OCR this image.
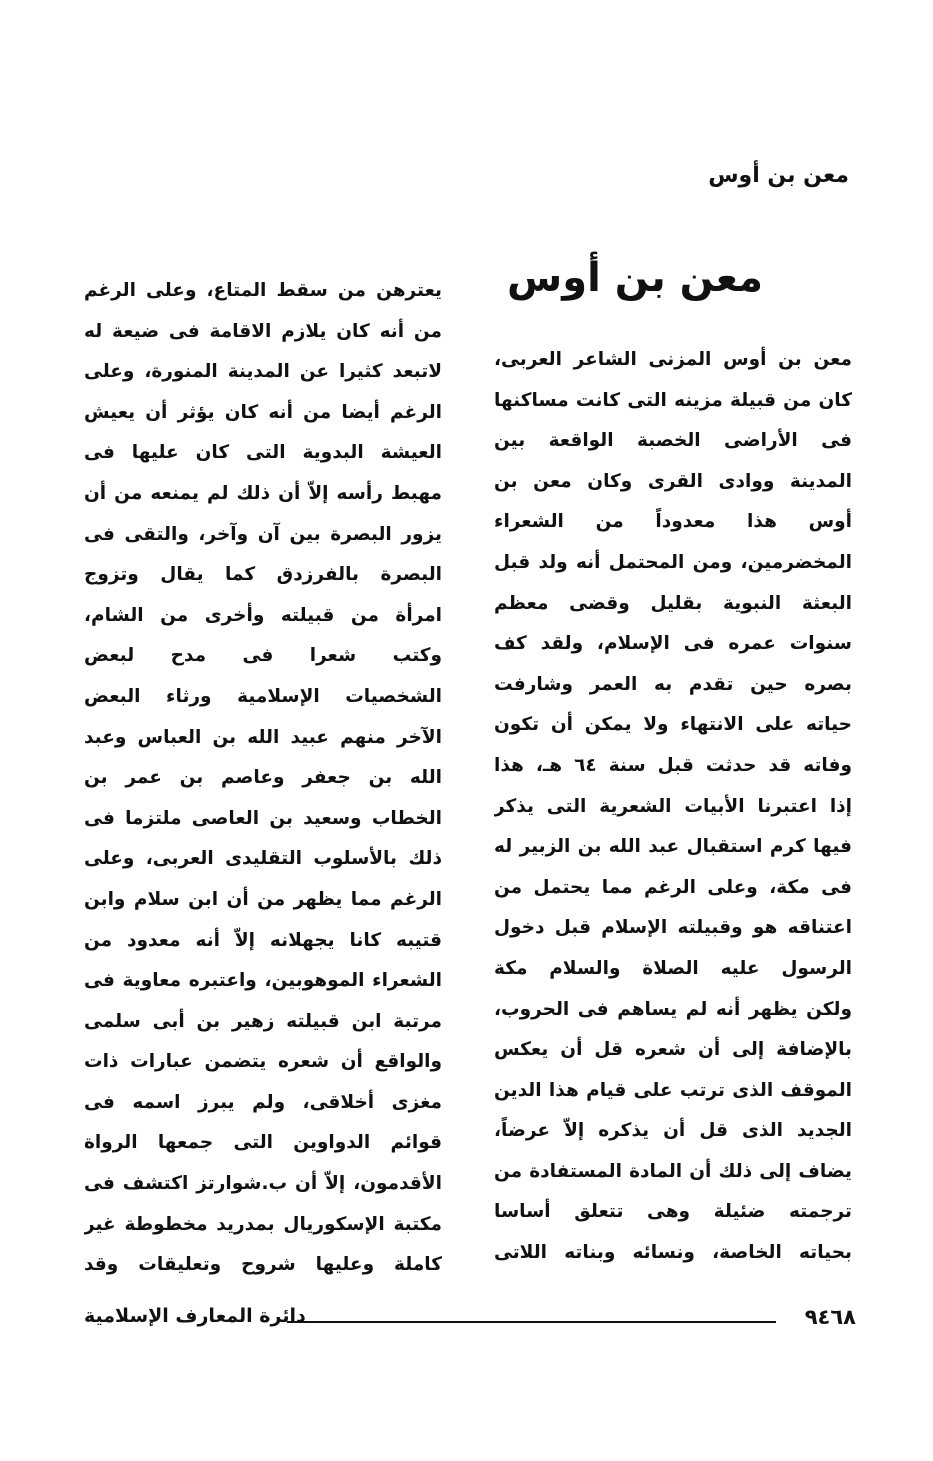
معن بن أوس
معن بن أوس
معن بن أوس المزنى الشاعر العربى،
كان من قبيلة مزينه التى كانت مساكنها
فى الأراضى الخصبة الواقعة بين
المدينة ووادى القرى وكان معن بن
أوس هذا معدوداً من الشعراء
المخضرمين، ومن المحتمل أنه ولد قبل
البعثة النبوية بقليل وقضى معظم
سنوات عمره فى الإسلام، ولقد كف
بصره حين تقدم به العمر وشارفت
حياته على الانتهاء ولا يمكن أن تكون
وفاته قد حدثت قبل سنة ٦٤ هـ، هذا
إذا اعتبرنا الأبيات الشعرية التى يذكر
فيها كرم استقبال عبد الله بن الزبير له
فى مكة، وعلى الرغم مما يحتمل من
اعتناقه هو وقبيلته الإسلام قبل دخول
الرسول عليه الصلاة والسلام مكة
ولكن يظهر أنه لم يساهم فى الحروب،
بالإضافة إلى أن شعره قل أن يعكس
الموقف الذى ترتب على قيام هذا الدين
الجديد الذى قل أن يذكره إلاّ عرضاً،
يضاف إلى ذلك أن المادة المستفادة من
ترجمته ضئيلة وهى تتعلق أساسا
بحياته الخاصة، ونسائه وبناته اللاتى
يعترهن من سقط المتاع، وعلى الرغم
من أنه كان يلازم الاقامة فى ضيعة له
لاتبعد كثيرا عن المدينة المنورة، وعلى
الرغم أيضا من أنه كان يؤثر أن يعيش
العيشة البدوية التى كان عليها فى
مهبط رأسه إلاّ أن ذلك لم يمنعه من أن
يزور البصرة بين آن وآخر، والتقى فى
البصرة بالفرزدق كما يقال وتزوج
امرأة من قبيلته وأخرى من الشام،
وكتب شعرا فى مدح لبعض
الشخصيات الإسلامية ورثاء البعض
الآخر منهم عبيد الله بن العباس وعبد
الله بن جعفر وعاصم بن عمر بن
الخطاب وسعيد بن العاصى ملتزما فى
ذلك بالأسلوب التقليدى العربى، وعلى
الرغم مما يظهر من أن ابن سلام وابن
قتيبه كانا يجهلانه إلاّ أنه معدود من
الشعراء الموهوبين، واعتبره معاوية فى
مرتبة ابن قبيلته زهير بن أبى سلمى
والواقع أن شعره يتضمن عبارات ذات
مغزى أخلاقى، ولم يبرز اسمه فى
قوائم الدواوين التى جمعها الرواة
الأقدمون، إلاّ أن ب.شوارتز اكتشف فى
مكتبة الإسكوريال بمدريد مخطوطة غير
كاملة وعليها شروح وتعليقات وقد
٩٤٦٨
دائرة المعارف الإسلامية
